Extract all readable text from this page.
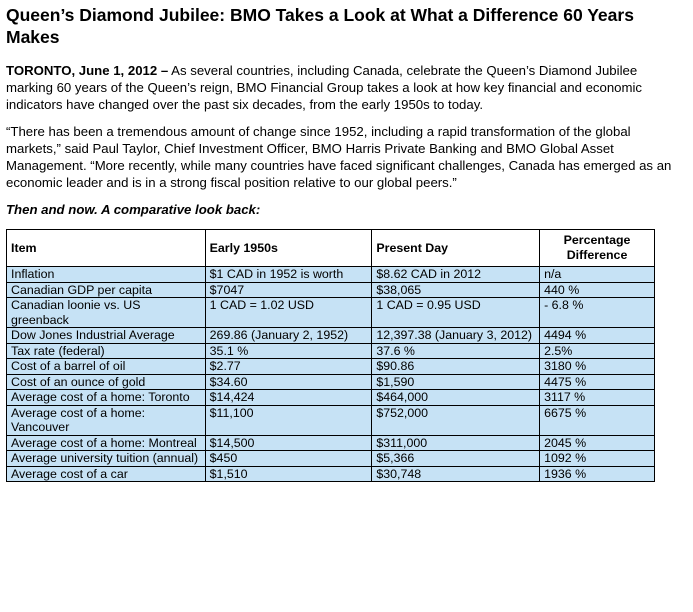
Queen’s Diamond Jubilee: BMO Takes a Look at What a Difference 60 Years Makes

TORONTO, June 1, 2012 – As several countries, including Canada, celebrate the Queen’s Diamond Jubilee marking 60 years of the Queen’s reign, BMO Financial Group takes a look at how key financial and economic indicators have changed over the past six decades, from the early 1950s to today.

“There has been a tremendous amount of change since 1952, including a rapid transformation of the global markets,” said Paul Taylor, Chief Investment Officer, BMO Harris Private Banking and BMO Global Asset Management. “More recently, while many countries have faced significant challenges, Canada has emerged as an economic leader and is in a strong fiscal position relative to our global peers.”

Then and now. A comparative look back:
Item	Early 1950s	Present Day	Percentage Difference
Inflation	$1 CAD in 1952 is worth	$8.62 CAD in 2012	n/a
Canadian GDP per capita	$7047	$38,065	440 %
Canadian loonie vs. US greenback	1 CAD = 1.02 USD	1 CAD = 0.95 USD	- 6.8 %
Dow Jones Industrial Average	269.86 (January 2, 1952)	12,397.38 (January 3, 2012)	4494 %
Tax rate (federal)	35.1 %	37.6 %	2.5%
Cost of a barrel of oil	$2.77	$90.86	3180 %
Cost of an ounce of gold	$34.60	$1,590	4475 %
Average cost of a home: Toronto	$14,424	$464,000	3117 %
Average cost of a home: Vancouver	$11,100	$752,000	6675 %
Average cost of a home: Montreal	$14,500	$311,000	2045 %
Average university tuition (annual)	$450	$5,366	1092 %
Average cost of a car	$1,510	$30,748	1936 %
